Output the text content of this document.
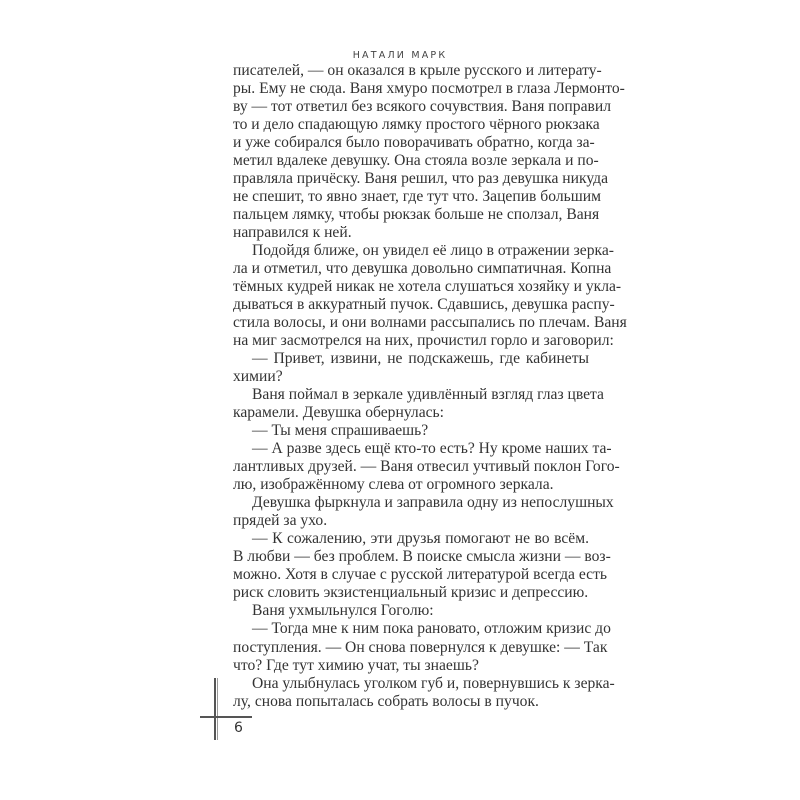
НАТАЛИ МАРК
писателей, — он оказался в крыле русского и литерату-
ры. Ему не сюда. Ваня хмуро посмотрел в глаза Лермонто-
ву — тот ответил без всякого сочувствия. Ваня поправил
то и дело спадающую лямку простого чёрного рюкзака
и уже собирался было поворачивать обратно, когда за-
метил вдалеке девушку. Она стояла возле зеркала и по-
правляла причёску. Ваня решил, что раз девушка никуда
не спешит, то явно знает, где тут что. Зацепив большим
пальцем лямку, чтобы рюкзак больше не сползал, Ваня
направился к ней.
Подойдя ближе, он увидел её лицо в отражении зерка-
ла и отметил, что девушка довольно симпатичная. Копна
тёмных кудрей никак не хотела слушаться хозяйку и укла-
дываться в аккуратный пучок. Сдавшись, девушка распу-
стила волосы, и они волнами рассыпались по плечам. Ваня
на миг засмотрелся на них, прочистил горло и заговорил:
— Привет, извини, не подскажешь, где кабинеты
химии?
Ваня поймал в зеркале удивлённый взгляд глаз цвета
карамели. Девушка обернулась:
— Ты меня спрашиваешь?
— А разве здесь ещё кто-то есть? Ну кроме наших та-
лантливых друзей. — Ваня отвесил учтивый поклон Гого-
лю, изображённому слева от огромного зеркала.
Девушка фыркнула и заправила одну из непослушных
прядей за ухо.
— К сожалению, эти друзья помогают не во всём.
В любви — без проблем. В поиске смысла жизни — воз-
можно. Хотя в случае с русской литературой всегда есть
риск словить экзистенциальный кризис и депрессию.
Ваня ухмыльнулся Гоголю:
— Тогда мне к ним пока рановато, отложим кризис до
поступления. — Он снова повернулся к девушке: — Так
что? Где тут химию учат, ты знаешь?
Она улыбнулась уголком губ и, повернувшись к зерка-
лу, снова попыталась собрать волосы в пучок.
6
